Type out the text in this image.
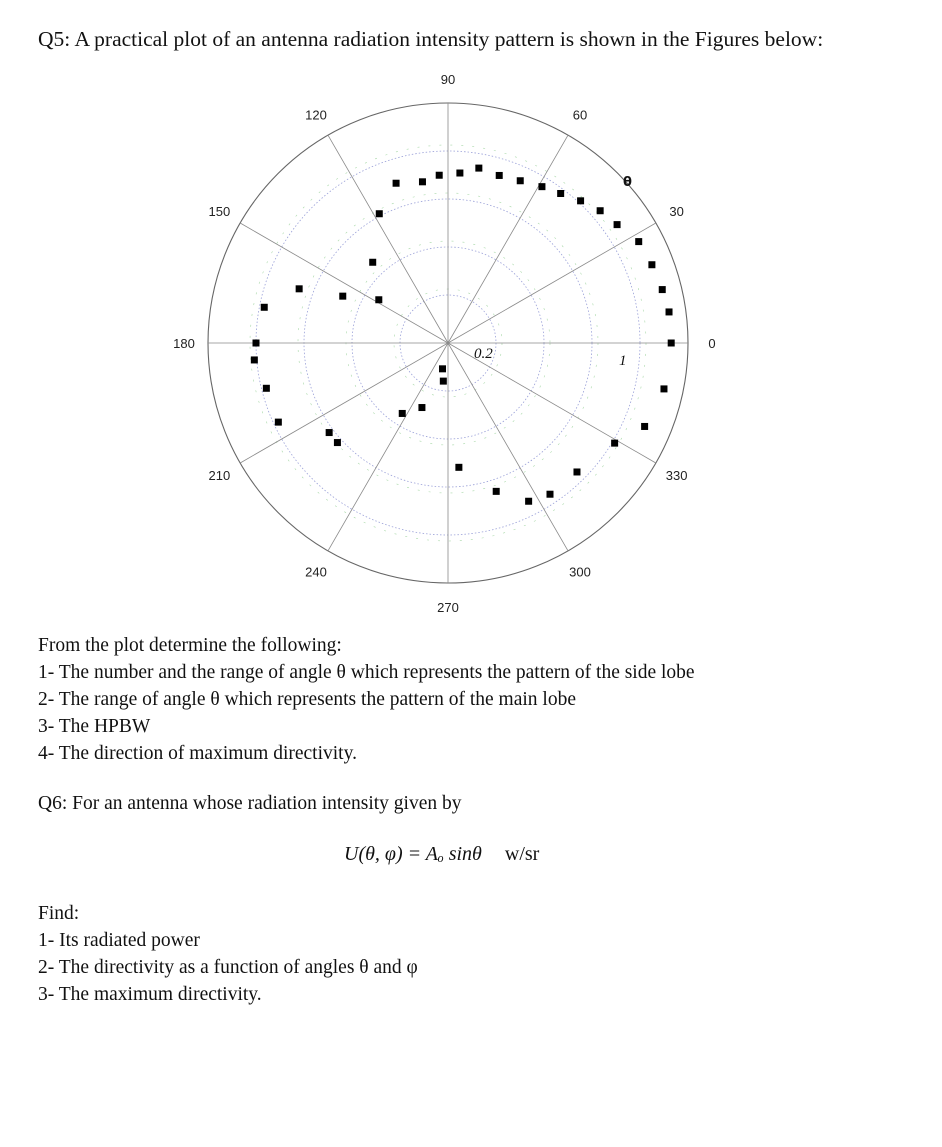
Q5: A practical plot of an antenna radiation intensity pattern is shown in the Figures below:
0
30
60
90
120
150
180
210
240
270
300
330
0.2	1
θ

From the plot determine the following:

1- The number and the range of angle θ which represents the pattern of the side lobe

2- The range of angle θ which represents the pattern of the main lobe

3- The HPBW

4- The direction of maximum directivity.

Q6: For an antenna whose radiation intensity given by

U(θ, φ) = Aₒ sinθ w/sr

Find:

1- Its radiated power

2- The directivity as a function of angles θ and φ

3- The maximum directivity.
